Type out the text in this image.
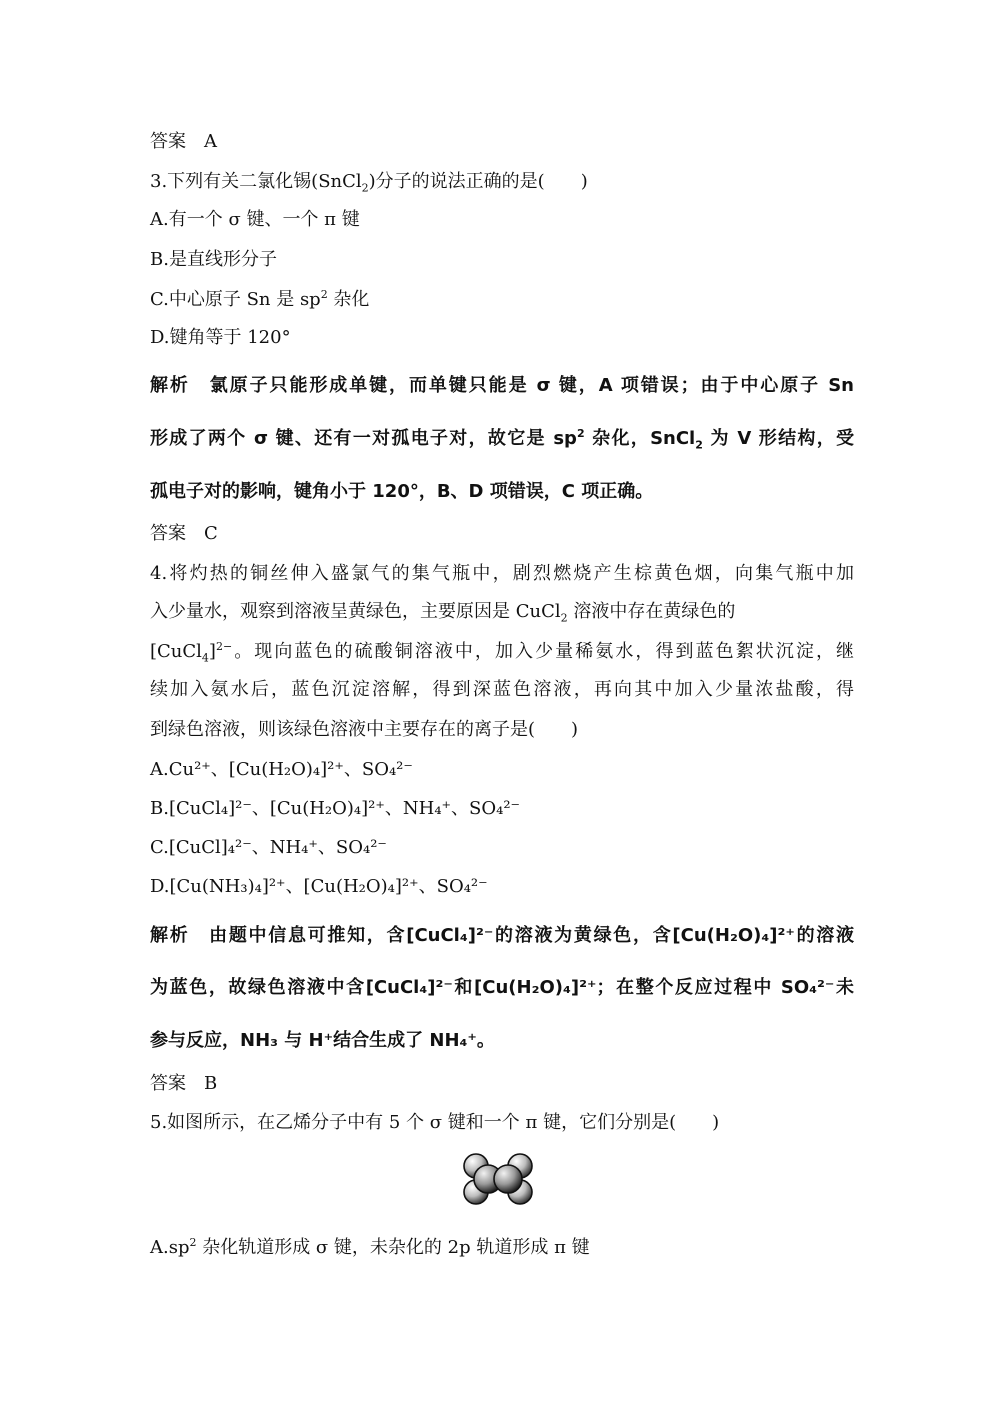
答案 A
3.下列有关二氯化锡(SnCl$_2$)分子的说法正确的是(　　)
A.有一个 σ 键、一个 π 键
B.是直线形分子
C.中心原子 Sn 是 $sp^2$ 杂化
D.键角等于 120°
解析 氯原子只能形成单键，而单键只能是 σ 键，A 项错误；由于中心原子 Sn
形成了两个 σ 键、还有一对孤电子对，故它是 $sp^2$ 杂化，SnCl$_2$ 为 V 形结构，受
孤电子对的影响，键角小于 120°，B、D 项错误，C 项正确。
答案 C
4.将灼热的铜丝伸入盛氯气的集气瓶中，剧烈燃烧产生棕黄色烟，向集气瓶中加
入少量水，观察到溶液呈黄绿色，主要原因是 CuCl$_2$ 溶液中存在黄绿色的
[CuCl$_4$]$^{2-}$。现向蓝色的硫酸铜溶液中，加入少量稀氨水，得到蓝色絮状沉淀，继
续加入氨水后，蓝色沉淀溶解，得到深蓝色溶液，再向其中加入少量浓盐酸，得
到绿色溶液，则该绿色溶液中主要存在的离子是(　　)
A.Cu²⁺、[Cu(H₂O)₄]²⁺、SO₄²⁻
B.[CuCl₄]²⁻、[Cu(H₂O)₄]²⁺、NH₄⁺、SO₄²⁻
C.[CuCl]₄²⁻、NH₄⁺、SO₄²⁻
D.[Cu(NH₃)₄]²⁺、[Cu(H₂O)₄]²⁺、SO₄²⁻
解析 由题中信息可推知，含[CuCl₄]²⁻的溶液为黄绿色，含[Cu(H₂O)₄]²⁺的溶液
为蓝色，故绿色溶液中含[CuCl₄]²⁻和[Cu(H₂O)₄]²⁺；在整个反应过程中 SO₄²⁻未
参与反应，NH₃ 与 H⁺结合生成了 NH₄⁺。
答案 B
5.如图所示，在乙烯分子中有 5 个 σ 键和一个 π 键，它们分别是(　　)
$A.sp^2$ 杂化轨道形成 σ 键，未杂化的 2p 轨道形成 π 键
